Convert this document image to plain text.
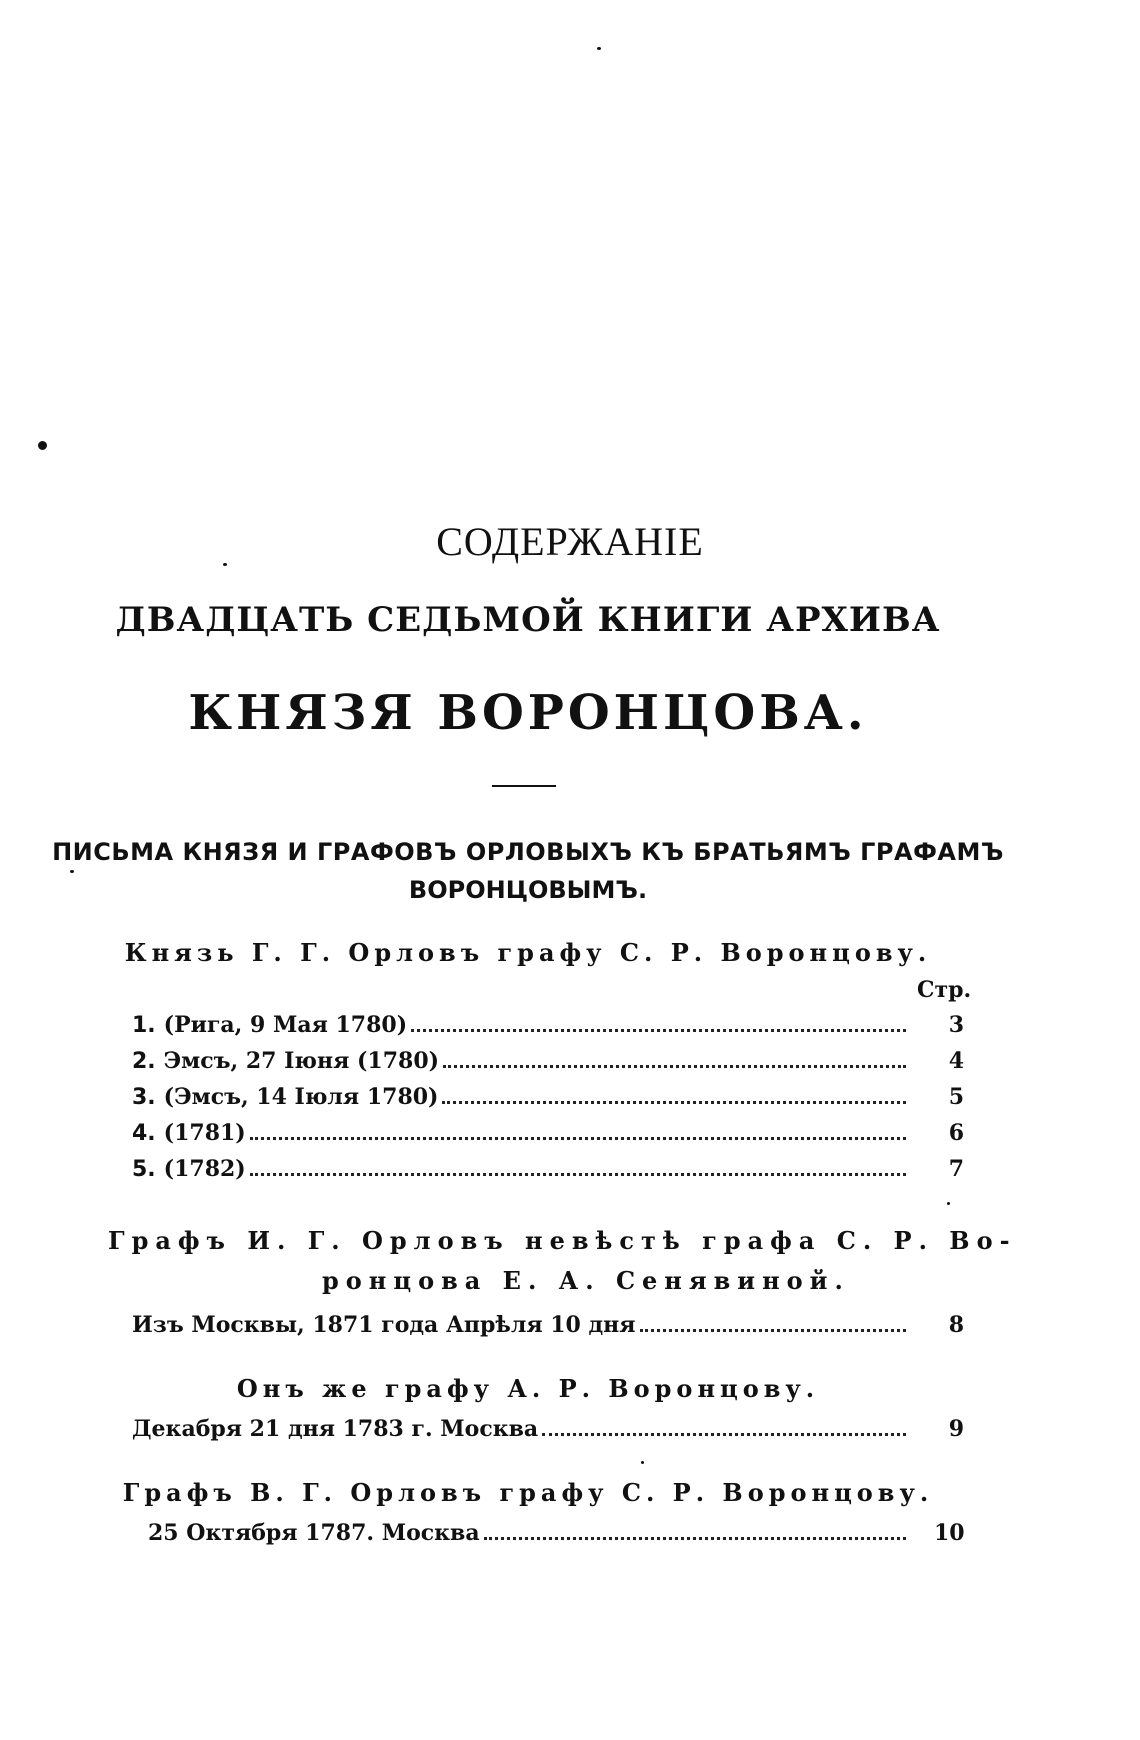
СОДЕРЖАНІЕ
ДВАДЦАТЬ СЕДЬМОЙ КНИГИ АРХИВА
КНЯЗЯ ВОРОНЦОВА.
ПИСЬМА КНЯЗЯ И ГРАФОВЪ ОРЛОВЫХЪ КЪ БРАТЬЯМЪ ГРАФАМЪ
ВОРОНЦОВЫМЪ.
Князь Г. Г. Орловъ графу С. Р. Воронцову.
Стр.
1. (Рига, 9 Мая 1780)	3
2. Эмсъ, 27 Іюня (1780)	4
3. (Эмсъ, 14 Іюля 1780)	5
4. (1781)	6
5. (1782)	7
Графъ И. Г. Орловъ невѣстѣ графа С. Р. Во-
ронцова Е. А. Сенявиной.
Изъ Москвы, 1871 года Апрѣля 10 дня	8
Онъ же графу А. Р. Воронцову.
Декабря 21 дня 1783 г. Москва	9
Графъ В. Г. Орловъ графу С. Р. Воронцову.
25 Октября 1787. Москва	10
